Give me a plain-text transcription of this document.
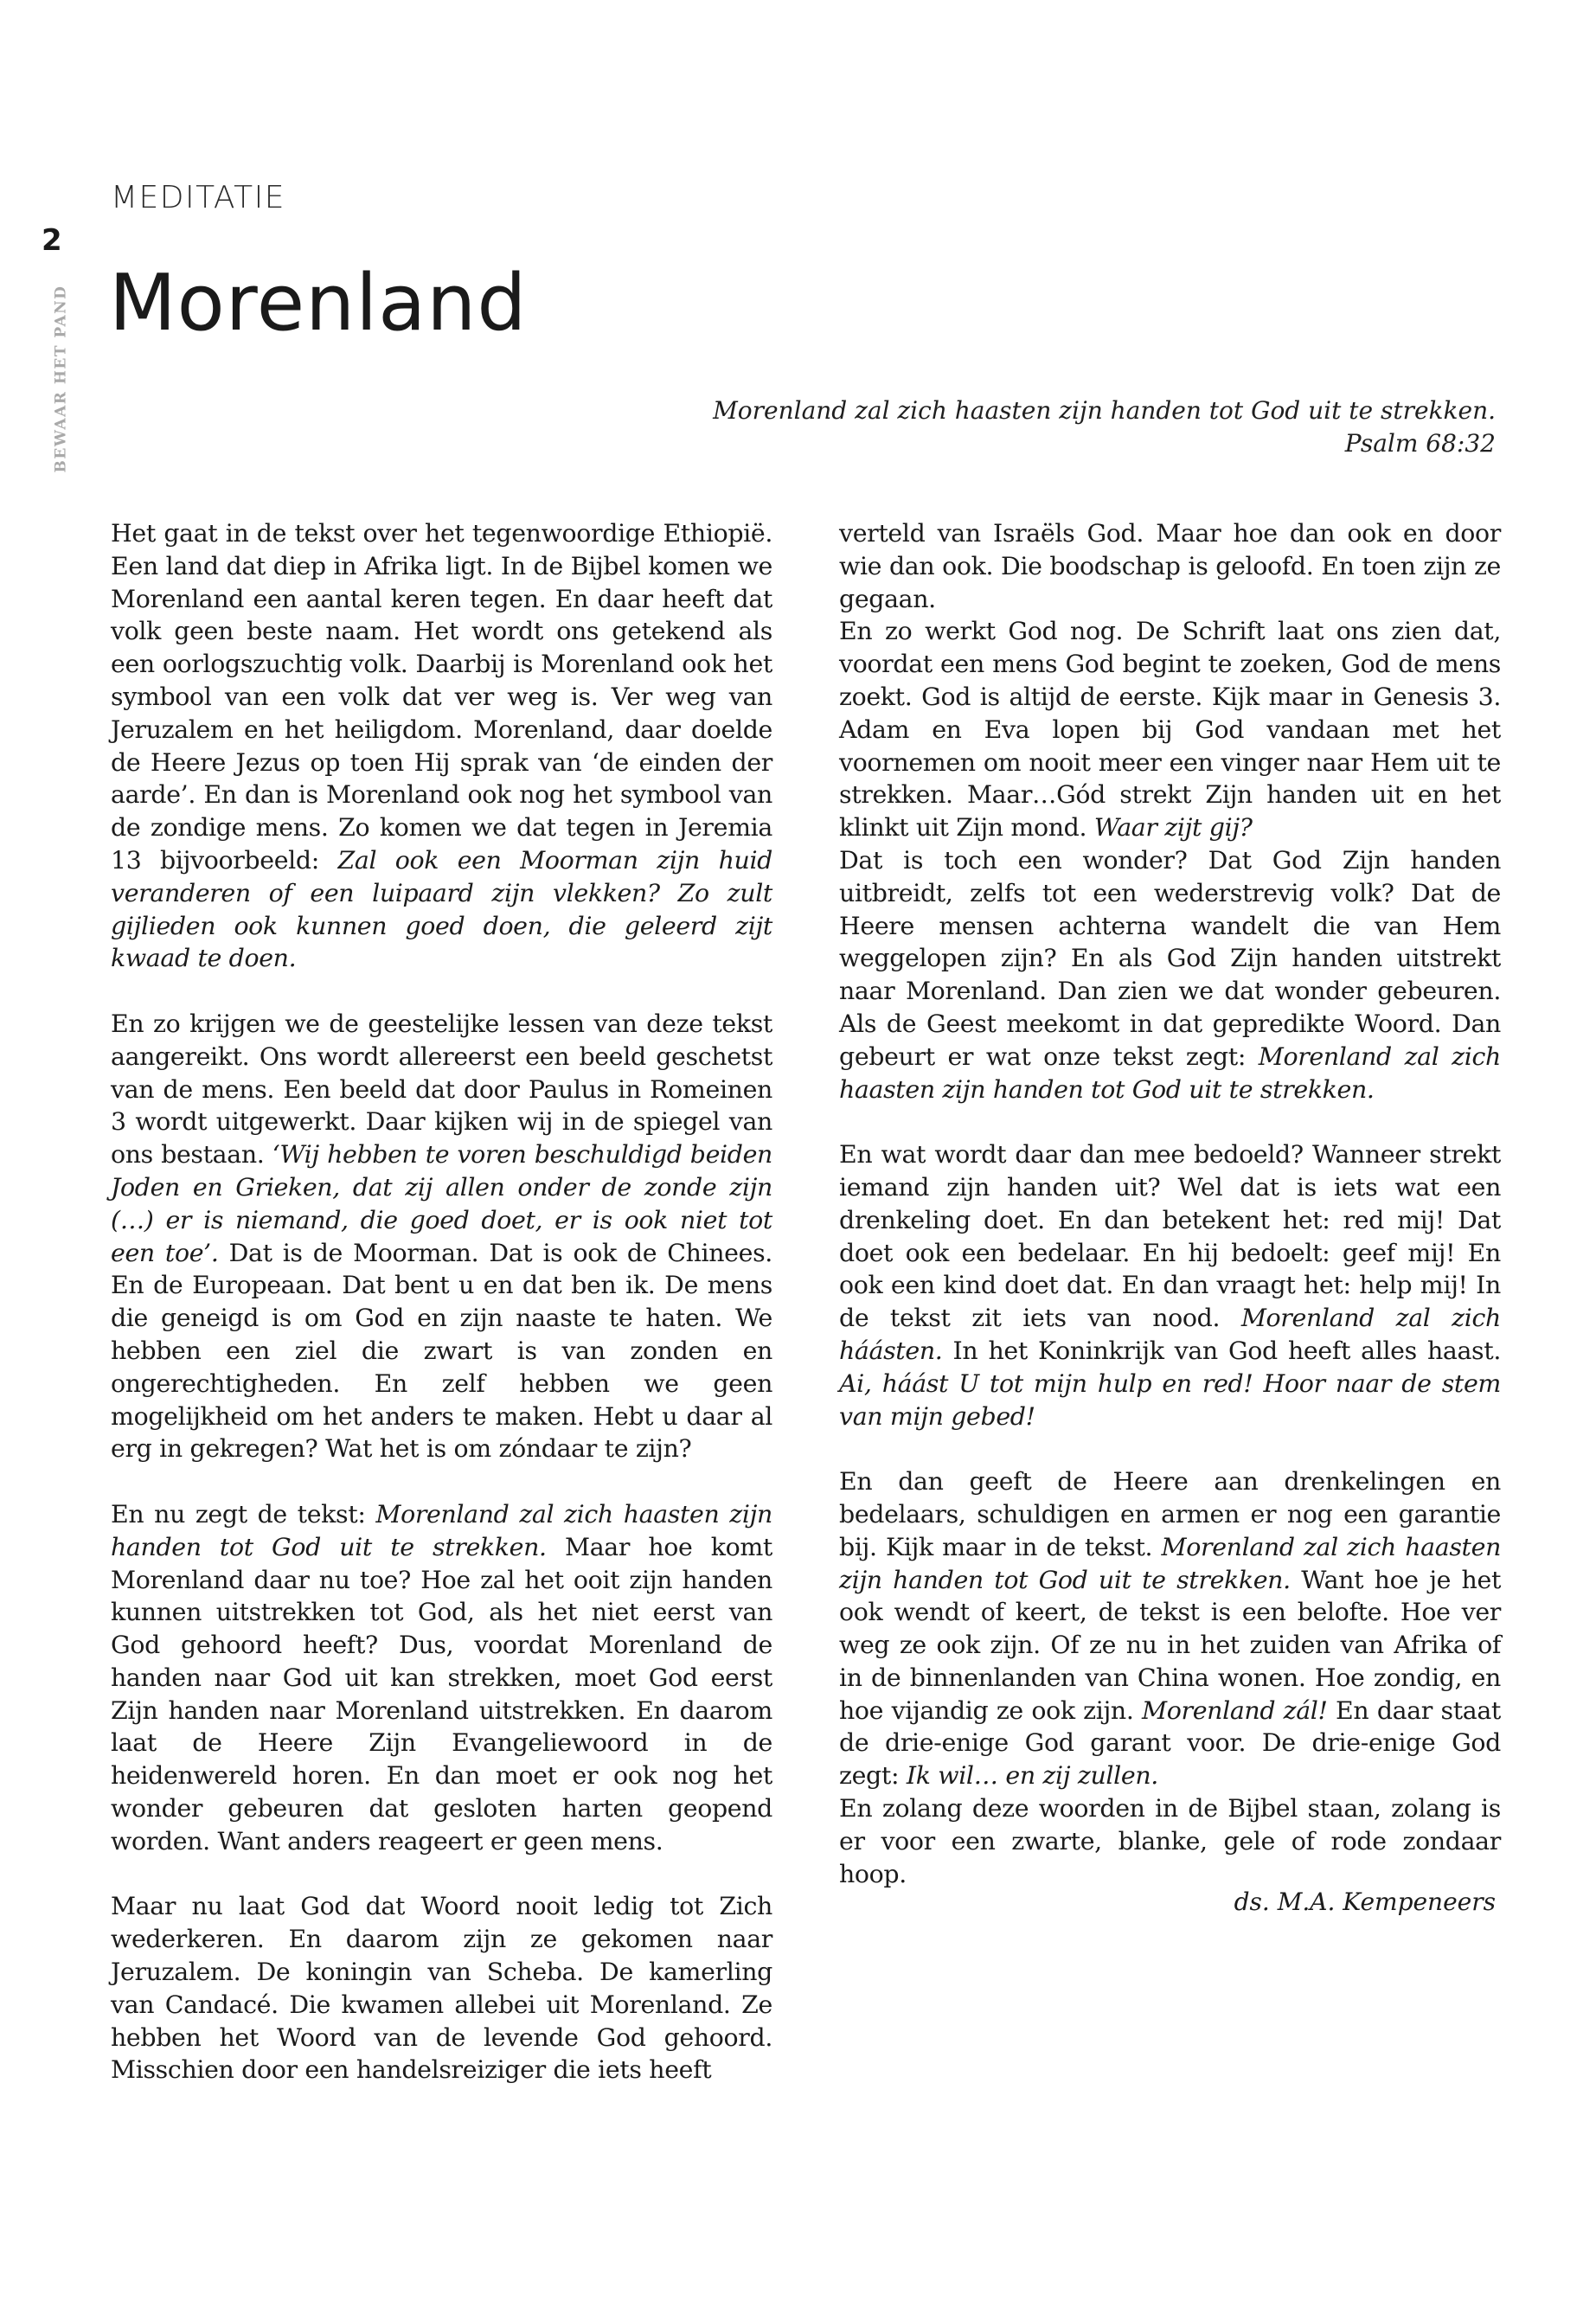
2
BEWAAR HET PAND
MEDITATIE
Morenland
Morenland zal zich haasten zijn handen tot God uit te strekken.
Psalm 68:32

Het gaat in de tekst over het tegenwoordige Ethiopië. Een land dat diep in Afrika ligt. In de Bijbel komen we Morenland een aantal keren tegen. En daar heeft dat volk geen beste naam. Het wordt ons getekend als een oorlogszuchtig volk. Daarbij is Morenland ook het symbool van een volk dat ver weg is. Ver weg van Jeruzalem en het heiligdom. Morenland, daar doelde de Heere Jezus op toen Hij sprak van ‘de einden der aarde’. En dan is Morenland ook nog het symbool van de zondige mens. Zo komen we dat tegen in Jeremia 13 bijvoorbeeld: Zal ook een Moorman zijn huid veranderen of een luipaard zijn vlekken? Zo zult gijlieden ook kunnen goed doen, die geleerd zijt kwaad te doen.

En zo krijgen we de geestelijke lessen van deze tekst aangereikt. Ons wordt allereerst een beeld geschetst van de mens. Een beeld dat door Paulus in Romeinen 3 wordt uitgewerkt. Daar kijken wij in de spiegel van ons bestaan. ‘Wij hebben te voren beschuldigd beiden Joden en Grieken, dat zij allen onder de zonde zijn (…) er is niemand, die goed doet, er is ook niet tot een toe’. Dat is de Moorman. Dat is ook de Chinees. En de Europeaan. Dat bent u en dat ben ik. De mens die geneigd is om God en zijn naaste te haten. We hebben een ziel die zwart is van zonden en ongerechtigheden. En zelf hebben we geen mogelijkheid om het anders te maken. Hebt u daar al erg in gekregen? Wat het is om zóndaar te zijn?

En nu zegt de tekst: Morenland zal zich haasten zijn handen tot God uit te strekken. Maar hoe komt Morenland daar nu toe? Hoe zal het ooit zijn handen kunnen uitstrekken tot God, als het niet eerst van God gehoord heeft? Dus, voordat Morenland de handen naar God uit kan strekken, moet God eerst Zijn handen naar Morenland uitstrekken. En daarom laat de Heere Zijn Evangeliewoord in de heidenwereld horen. En dan moet er ook nog het wonder gebeuren dat gesloten harten geopend worden. Want anders reageert er geen mens.

Maar nu laat God dat Woord nooit ledig tot Zich wederkeren. En daarom zijn ze gekomen naar Jeruzalem. De koningin van Scheba. De kamerling van Candacé. Die kwamen allebei uit Morenland. Ze hebben het Woord van de levende God gehoord. Misschien door een handelsreiziger die iets heeft

verteld van Israëls God. Maar hoe dan ook en door wie dan ook. Die boodschap is geloofd. En toen zijn ze gegaan.

En zo werkt God nog. De Schrift laat ons zien dat, voordat een mens God begint te zoeken, God de mens zoekt. God is altijd de eerste. Kijk maar in Genesis 3. Adam en Eva lopen bij God vandaan met het voornemen om nooit meer een vinger naar Hem uit te strekken. Maar…Gód strekt Zijn handen uit en het klinkt uit Zijn mond. Waar zijt gij?

Dat is toch een wonder? Dat God Zijn handen uitbreidt, zelfs tot een wederstrevig volk? Dat de Heere mensen achterna wandelt die van Hem weggelopen zijn? En als God Zijn handen uitstrekt naar Morenland. Dan zien we dat wonder gebeuren. Als de Geest meekomt in dat gepredikte Woord. Dan gebeurt er wat onze tekst zegt: Morenland zal zich haasten zijn handen tot God uit te strekken.

En wat wordt daar dan mee bedoeld? Wanneer strekt iemand zijn handen uit? Wel dat is iets wat een drenkeling doet. En dan betekent het: red mij! Dat doet ook een bedelaar. En hij bedoelt: geef mij! En ook een kind doet dat. En dan vraagt het: help mij! In de tekst zit iets van nood. Morenland zal zich háásten. In het Koninkrijk van God heeft alles haast. Ai, háást U tot mijn hulp en red! Hoor naar de stem van mijn gebed!

En dan geeft de Heere aan drenkelingen en bedelaars, schuldigen en armen er nog een garantie bij. Kijk maar in de tekst. Morenland zal zich haasten zijn handen tot God uit te strekken. Want hoe je het ook wendt of keert, de tekst is een belofte. Hoe ver weg ze ook zijn. Of ze nu in het zuiden van Afrika of in de binnenlanden van China wonen. Hoe zondig, en hoe vijandig ze ook zijn. Morenland zál! En daar staat de drie-enige God garant voor. De drie-enige God zegt: Ik wil… en zij zullen.

En zolang deze woorden in de Bijbel staan, zolang is er voor een zwarte, blanke, gele of rode zondaar hoop.

ds. M.A. Kempeneers
